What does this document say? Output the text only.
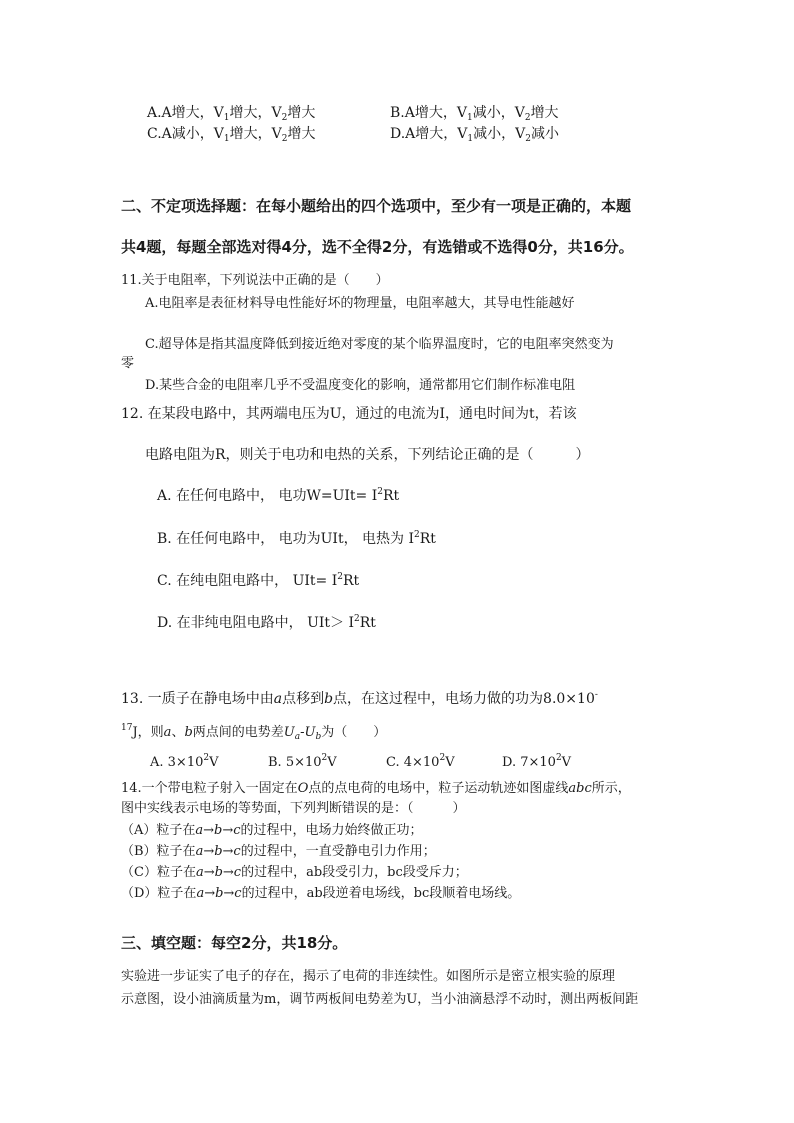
A.A增大，$V_1$增大，$V_2$增大	B.A增大，$V_1$减小，$V_2$增大
C.A减小，$V_1$增大，$V_2$增大	D.A增大，$V_1$减小，$V_2$减小
二、不定项选择题：在每小题给出的四个选项中，至少有一项是正确的，本题
共4题，每题全部选对得4分，选不全得2分，有选错或不选得0分，共16分。
11.关于电阻率，下列说法中正确的是（　　）
A.电阻率是表征材料导电性能好坏的物理量，电阻率越大，其导电性能越好
C.超导体是指其温度降低到接近绝对零度的某个临界温度时，它的电阻率突然变为
零
D.某些合金的电阻率几乎不受温度变化的影响，通常都用它们制作标准电阻
12. 在某段电路中，其两端电压为U，通过的电流为I，通电时间为t，若该
电路电阻为R，则关于电功和电热的关系，下列结论正确的是（　　　）
A. 在任何电路中， 电功$W=UIt= I^2Rt$
B. 在任何电路中， 电功为UIt， 电热为 $I^2Rt$
C. 在纯电阻电路中， $UIt= I^2Rt$
D. 在非纯电阻电路中， $UIt> I^2Rt$
13. 一质子在静电场中由a点移到b点，在这过程中，电场力做的功为8.0×10-
$^{17}$J，则a、b两点间的电势差$U_a-U_b$为（　　）
A. $3\times 10^2V$	B. $5\times 10^2V$	C. $4\times 10^2V$	D. $7\times 10^2V$
14.一个带电粒子射入一固定在O点的点电荷的电场中，粒子运动轨迹如图虚线abc所示，
图中实线表示电场的等势面，下列判断错误的是：（　　　）
（A）粒子在a→b→c的过程中，电场力始终做正功；
（B）粒子在a→b→c的过程中，一直受静电引力作用；
（C）粒子在a→b→c的过程中，ab段受引力，bc段受斥力；
（D）粒子在a→b→c的过程中，ab段逆着电场线，bc段顺着电场线。
三、填空题：每空2分，共18分。
实验进一步证实了电子的存在，揭示了电荷的非连续性。如图所示是密立根实验的原理
示意图，设小油滴质量为m，调节两板间电势差为U，当小油滴悬浮不动时，测出两板间距
